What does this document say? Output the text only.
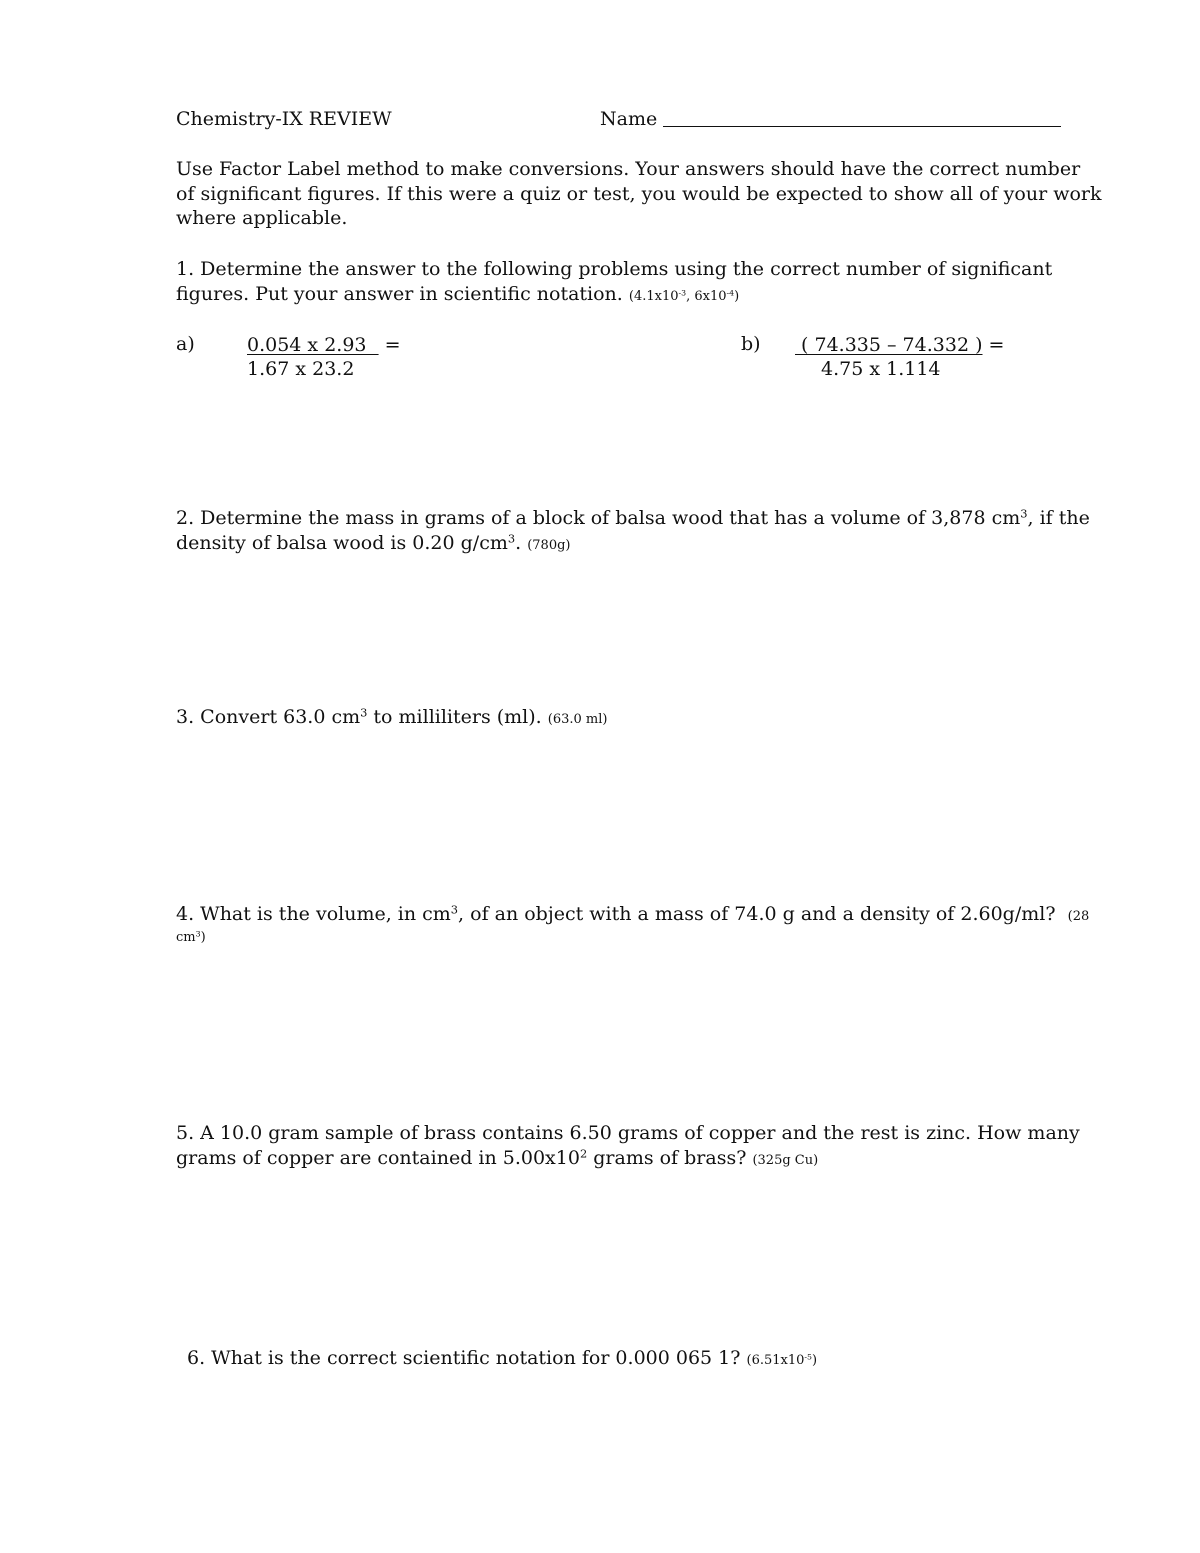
Chemistry-IX REVIEW	Name

Use Factor Label method to make conversions. Your answers should have the correct number

of significant figures. If this were a quiz or test, you would be expected to show all of your work

where applicable.

1. Determine the answer to the following problems using the correct number of significant

figures. Put your answer in scientific notation. ($4.1x10^{-3}$, $6x10^{-4}$)

a)	0.054 x 2.93   =
1.67 x 23.2
b) ( 74.335 – 74.332 ) =
4.75 x 1.114

2. Determine the mass in grams of a block of balsa wood that has a volume of 3,878 $cm^3$, if the

density of balsa wood is 0.20 $g/cm^3$. (780g)

3. Convert 63.0 $cm^3$ to milliliters (ml). (63.0 ml)

4. What is the volume, in $cm^3$, of an object with a mass of 74.0 g and a density of 2.60g/ml? (28

$cm^3$)

5. A 10.0 gram sample of brass contains 6.50 grams of copper and the rest is zinc. How many

grams of copper are contained in $5.00x10^2$ grams of brass? (325g Cu)

6. What is the correct scientific notation for 0.000 065 1? $(6.51x10^{-5})$
